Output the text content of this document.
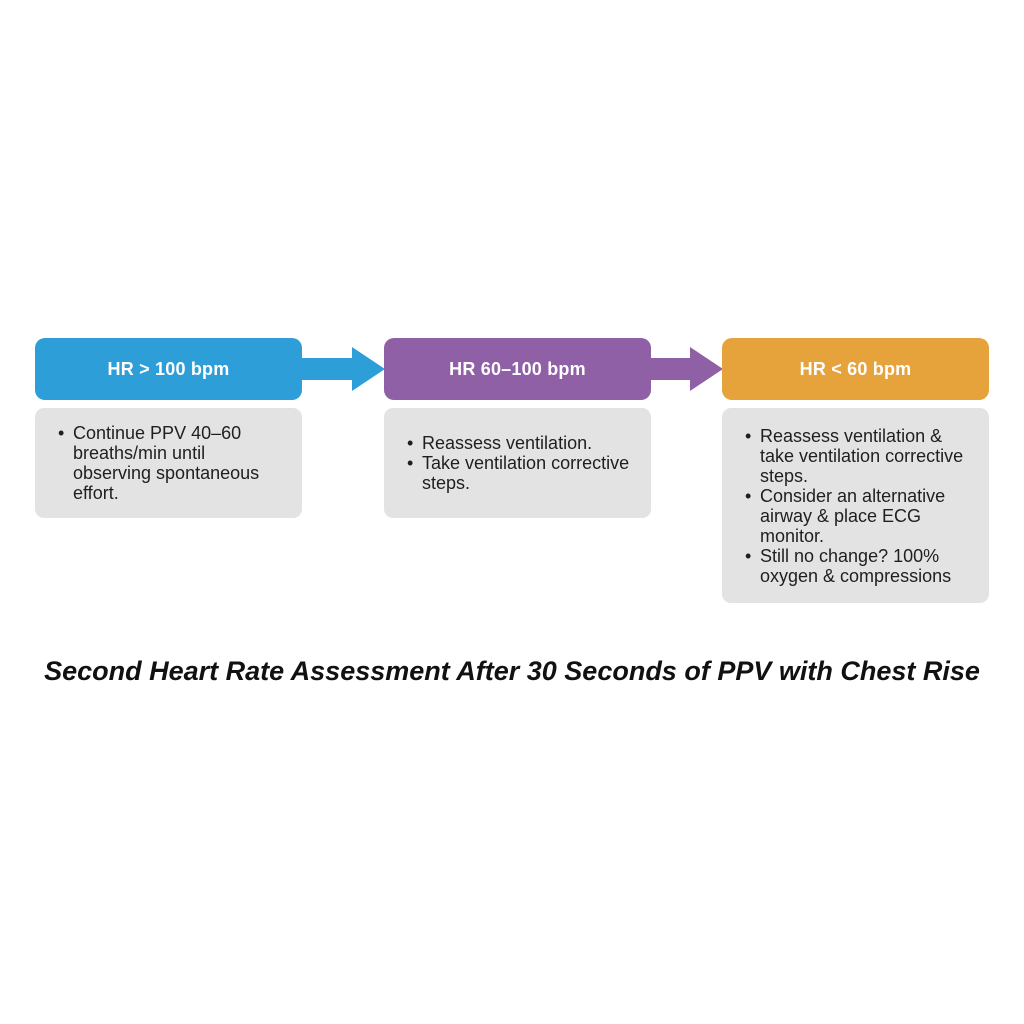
HR > 100 bpm
• Continue PPV 40–60 breaths/min until observing spontaneous effort.
HR 60–100 bpm
• Reassess ventilation.
• Take ventilation corrective steps.
HR < 60 bpm
• Reassess ventilation & take ventilation corrective steps.
• Consider an alternative airway & place ECG monitor.
• Still no change? 100% oxygen & compressions
Second Heart Rate Assessment After 30 Seconds of PPV with Chest Rise
